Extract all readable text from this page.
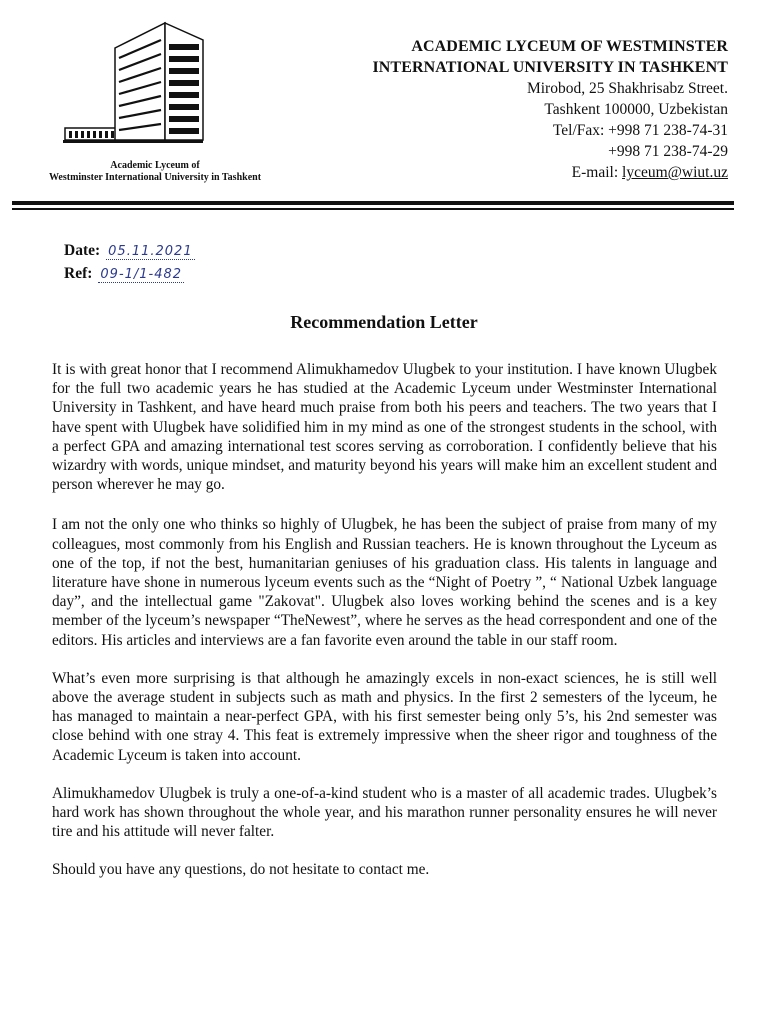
Academic Lyceum of
Westminster International University in Tashkent
ACADEMIC LYCEUM OF WESTMINSTER
INTERNATIONAL UNIVERSITY IN TASHKENT
Mirobod, 25 Shakhrisabz Street.
Tashkent 100000, Uzbekistan
Tel/Fax: +998 71 238-74-31
+998 71 238-74-29
E-mail: lyceum@wiut.uz
Date: 05.11.2021
Ref: 09-1/1-482
Recommendation Letter

It is with great honor that I recommend Alimukhamedov Ulugbek to your institution. I have known Ulugbek for the full two academic years he has studied at the Academic Lyceum under Westminster International University in Tashkent, and have heard much praise from both his peers and teachers. The two years that I have spent with Ulugbek have solidified him in my mind as one of the strongest students in the school, with a perfect GPA and amazing international test scores serving as corroboration. I confidently believe that his wizardry with words, unique mindset, and maturity beyond his years will make him an excellent student and person wherever he may go.

I am not the only one who thinks so highly of Ulugbek, he has been the subject of praise from many of my colleagues, most commonly from his English and Russian teachers. He is known throughout the Lyceum as one of the top, if not the best, humanitarian geniuses of his graduation class. His talents in language and literature have shone in numerous lyceum events such as the “Night of Poetry ”, “ National Uzbek language day”, and the intellectual game "Zakovat". Ulugbek also loves working behind the scenes and is a key member of the lyceum’s newspaper “TheNewest”, where he serves as the head correspondent and one of the editors. His articles and interviews are a fan favorite even around the table in our staff room.

What’s even more surprising is that although he amazingly excels in non-exact sciences, he is still well above the average student in subjects such as math and physics. In the first 2 semesters of the lyceum, he has managed to maintain a near-perfect GPA, with his first semester being only 5’s, his 2nd semester was close behind with one stray 4. This feat is extremely impressive when the sheer rigor and toughness of the Academic Lyceum is taken into account.

Alimukhamedov Ulugbek is truly a one-of-a-kind student who is a master of all academic trades. Ulugbek’s hard work has shown throughout the whole year, and his marathon runner personality ensures he will never tire and his attitude will never falter.

Should you have any questions, do not hesitate to contact me.
